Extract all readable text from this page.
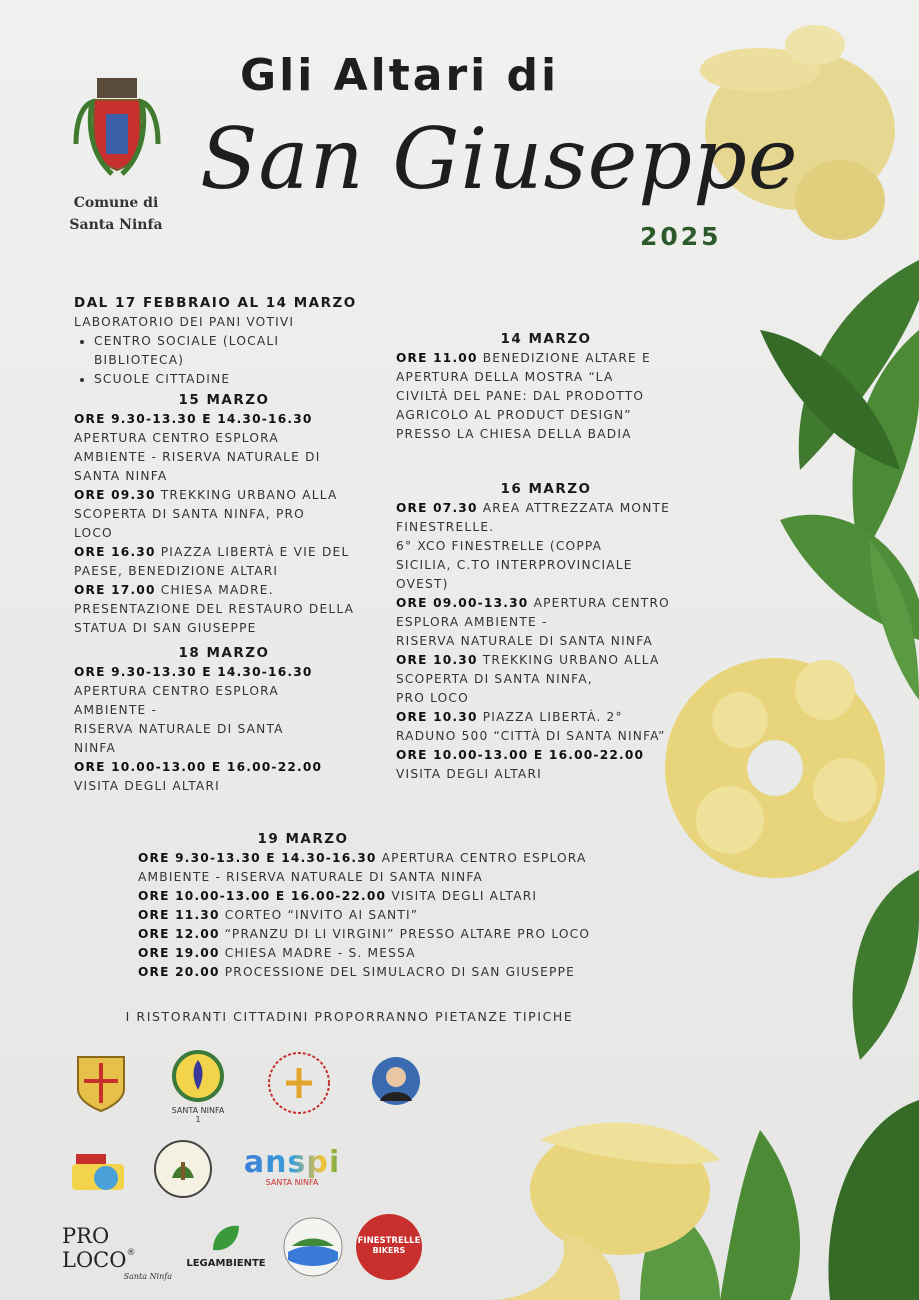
Comune di
Santa Ninfa
Gli Altari di
San Giuseppe
2025
DAL 17 FEBBRAIO AL 14 MARZO
LABORATORIO DEI PANI VOTIVI
• CENTRO SOCIALE (LOCALI
BIBLIOTECA)
• SCUOLE CITTADINE
15 MARZO
ORE 9.30-13.30 E 14.30-16.30
APERTURA CENTRO ESPLORA
AMBIENTE - RISERVA NATURALE DI
SANTA NINFA
ORE 09.30 TREKKING URBANO ALLA
SCOPERTA DI SANTA NINFA, PRO
LOCO
ORE 16.30 PIAZZA LIBERTÀ E VIE DEL
PAESE, BENEDIZIONE ALTARI
ORE 17.00 CHIESA MADRE.
PRESENTAZIONE DEL RESTAURO DELLA
STATUA DI SAN GIUSEPPE
18 MARZO
ORE 9.30-13.30 E 14.30-16.30
APERTURA CENTRO ESPLORA
AMBIENTE -
RISERVA NATURALE DI SANTA
NINFA
ORE 10.00-13.00 E 16.00-22.00
VISITA DEGLI ALTARI
14 MARZO
ORE 11.00 BENEDIZIONE ALTARE E
APERTURA DELLA MOSTRA “LA
CIVILTÀ DEL PANE: DAL PRODOTTO
AGRICOLO AL PRODUCT DESIGN”
PRESSO LA CHIESA DELLA BADIA
16 MARZO
ORE 07.30 AREA ATTREZZATA MONTE
FINESTRELLE.
6° XCO FINESTRELLE (COPPA
SICILIA, C.TO INTERPROVINCIALE
OVEST)
ORE 09.00-13.30 APERTURA CENTRO
ESPLORA AMBIENTE -
RISERVA NATURALE DI SANTA NINFA
ORE 10.30 TREKKING URBANO ALLA
SCOPERTA DI SANTA NINFA,
PRO LOCO
ORE 10.30 PIAZZA LIBERTÀ. 2°
RADUNO 500 “CITTÀ DI SANTA NINFA”
ORE 10.00-13.00 E 16.00-22.00
VISITA DEGLI ALTARI
19 MARZO
ORE 9.30-13.30 E 14.30-16.30 APERTURA CENTRO ESPLORA
AMBIENTE - RISERVA NATURALE DI SANTA NINFA
ORE 10.00-13.00 E 16.00-22.00 VISITA DEGLI ALTARI
ORE 11.30 CORTEO “INVITO AI SANTI”
ORE 12.00 “PRANZU DI LI VIRGINI” PRESSO ALTARE PRO LOCO
ORE 19.00 CHIESA MADRE - S. MESSA
ORE 20.00 PROCESSIONE DEL SIMULACRO DI SAN GIUSEPPE
I RISTORANTI CITTADINI PROPORRANNO PIETANZE TIPICHE
SANTA NINFA 1
anspi
SANTA NINFA
PRO LOCO®
Santa Ninfa
LEGAMBIENTE
FINESTRELLE
BIKERS
